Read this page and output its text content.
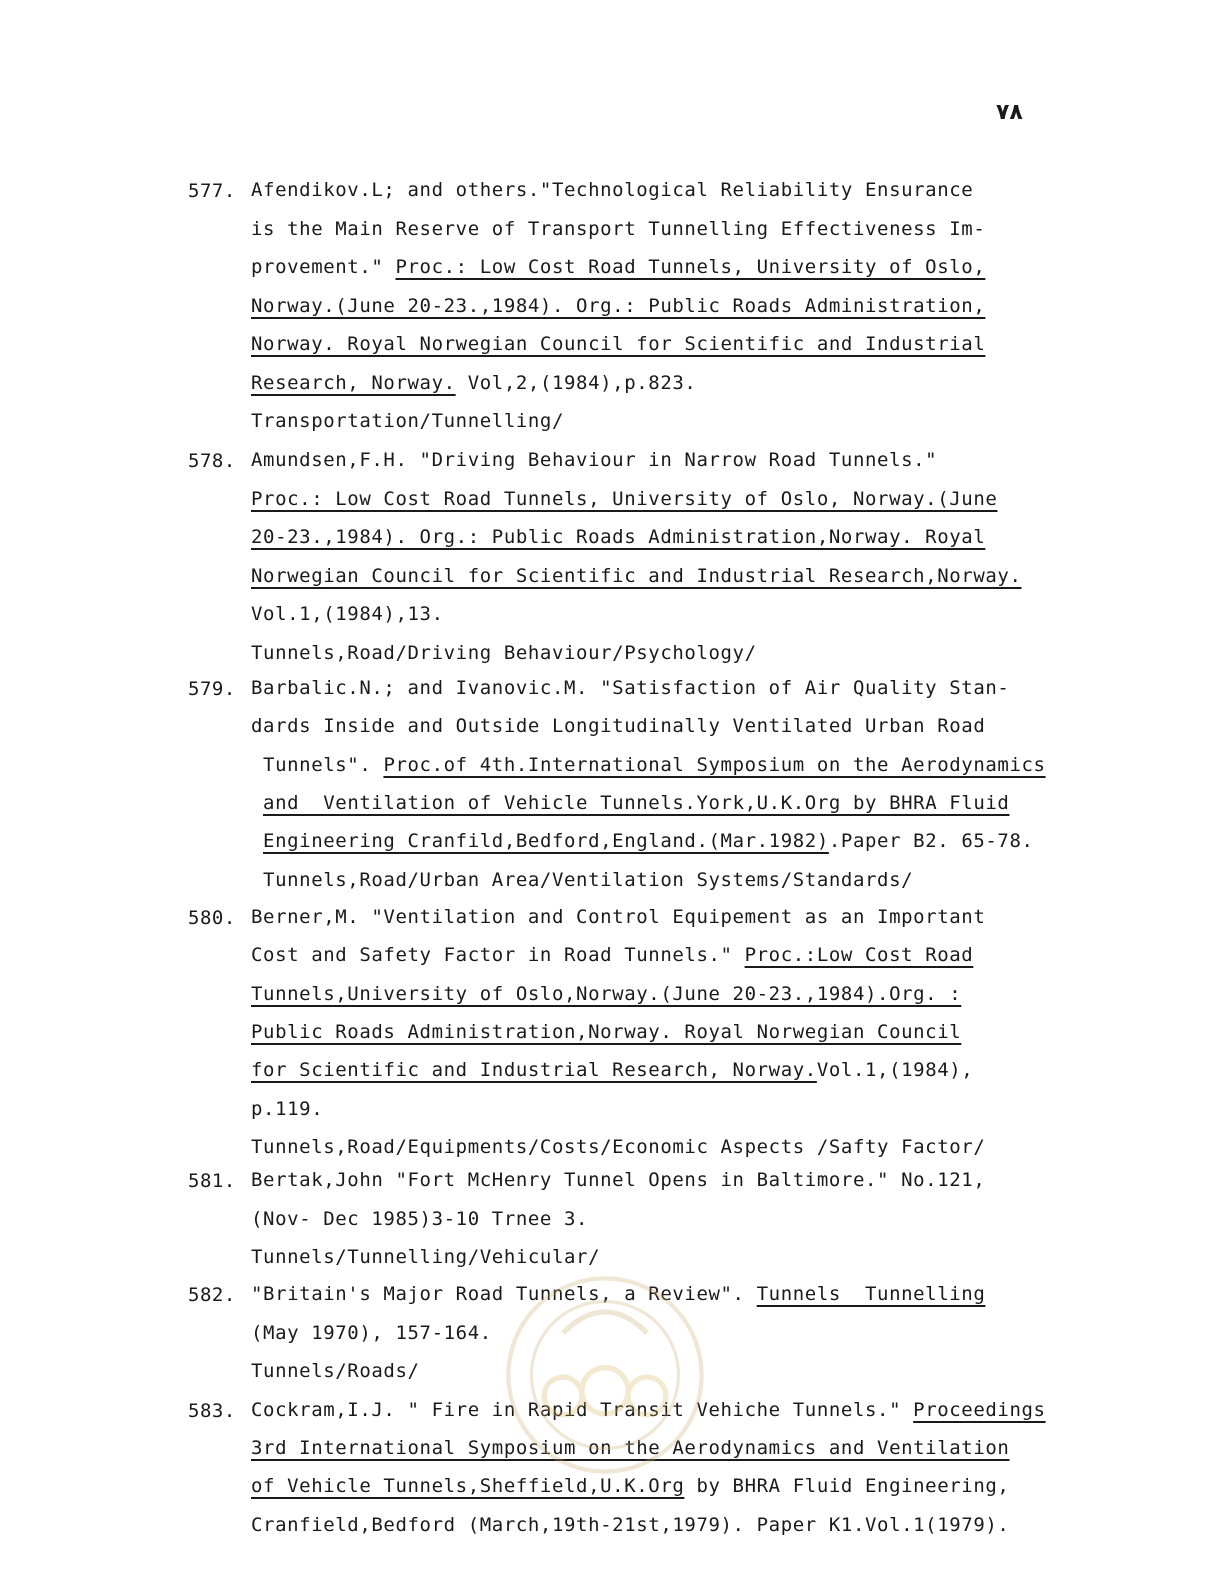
۷۸
577. Afendikov.L; and others."Technological Reliability Ensurance
is the Main Reserve of Transport Tunnelling Effectiveness Im-
provement." Proc.: Low Cost Road Tunnels, University of Oslo,
Norway.(June 20-23.,1984). Org.: Public Roads Administration,
Norway. Royal Norwegian Council for Scientific and Industrial
Research, Norway. Vol,2,(1984),p.823.
Transportation/Tunnelling/
578. Amundsen,F.H. "Driving Behaviour in Narrow Road Tunnels."
Proc.: Low Cost Road Tunnels, University of Oslo, Norway.(June
20-23.,1984). Org.: Public Roads Administration,Norway. Royal
Norwegian Council for Scientific and Industrial Research,Norway.
Vol.1,(1984),13.
Tunnels,Road/Driving Behaviour/Psychology/
579. Barbalic.N.; and Ivanovic.M. "Satisfaction of Air Quality Stan-
dards Inside and Outside Longitudinally Ventilated Urban Road
Tunnels". Proc.of 4th.International Symposium on the Aerodynamics
and  Ventilation of Vehicle Tunnels.York,U.K.Org by BHRA Fluid
Engineering Cranfild,Bedford,England.(Mar.1982).Paper B2. 65-78.
Tunnels,Road/Urban Area/Ventilation Systems/Standards/
580. Berner,M. "Ventilation and Control Equipement as an Important
Cost and Safety Factor in Road Tunnels." Proc.:Low Cost Road
Tunnels,University of Oslo,Norway.(June 20-23.,1984).Org. :
Public Roads Administration,Norway. Royal Norwegian Council
for Scientific and Industrial Research, Norway.Vol.1,(1984),
p.119.
Tunnels,Road/Equipments/Costs/Economic Aspects /Safty Factor/
581. Bertak,John "Fort McHenry Tunnel Opens in Baltimore." No.121,
(Nov- Dec 1985)3-10 Trnee 3.
Tunnels/Tunnelling/Vehicular/
582. "Britain's Major Road Tunnels, a Review". Tunnels  Tunnelling
(May 1970), 157-164.
Tunnels/Roads/
583. Cockram,I.J. " Fire in Rapid Transit Vehiche Tunnels." Proceedings
3rd International Symposium on the Aerodynamics and Ventilation
of Vehicle Tunnels,Sheffield,U.K.Org by BHRA Fluid Engineering,
Cranfield,Bedford (March,19th-21st,1979). Paper K1.Vol.1(1979).
